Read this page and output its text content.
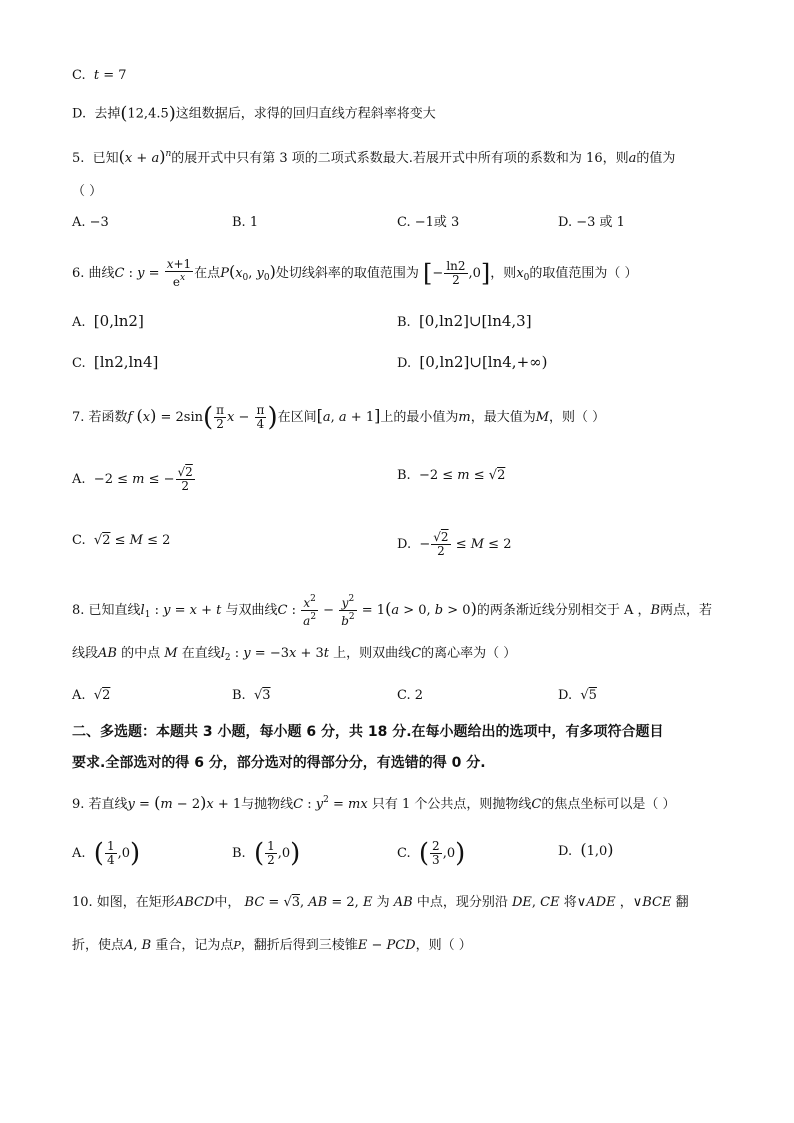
C.  t = 7
D.  去掉(12,4.5)这组数据后，求得的回归直线方程斜率将变大
5.  已知$(x + a)^n$的展开式中只有第 3 项的二项式系数最大.若展开式中所有项的系数和为 16，则a的值为
（ ）
A. −3	B. 1	C. −1或 3	D. −3 或 1
6. 曲线C : $y = \frac{x+1}{e^x}$ 在点$P(x_0$, $y_0$)处切线斜率的取值范围为 [− $\frac{\ln 2}{2} ,0$]，则$x_0$的取值范围为（ ）
A. [0,ln2]	B. [0,ln2]∪[ln4,3]
C. [ln2,ln4]	D. [0,ln2]∪[ln4,+∞)
7. 若函数f $(x) = 2\sin( \frac{\pi}{2}$ $x - \frac{\pi}{4}$ )在区间[a, a + 1]上的最小值为m，最大值为M，则（ ）
A.  −2 ≤ m ≤ − $\frac{√2}{2}$	B.  −2 ≤ m ≤ √2
C.  √2 ≤ M ≤ 2	D.  − $\frac{√2}{2} \le M \le 2$
8. 已知直线$l_1$ : y = x + t 与双曲线C : $\frac{x^2}{a^2} - \frac{y^2}{b^2} = 1(a > 0$, b > 0)的两条渐近线分别相交于 A ，B两点，若
线段AB 的中点 M 在直线$l_2$ : y = −3x + 3t 上，则双曲线C的离心率为（ ）
A.  √2	B.  √3	C. 2	D.  √5
二、多选题：本题共 3 小题，每小题 6 分，共 18 分.在每小题给出的选项中，有多项符合题目
要求.全部选对的得 6 分，部分选对的得部分分，有选错的得 0 分.
9. 若直线y = (m − 2)x + 1与抛物线C : $y^2$ = mx 只有 1 个公共点，则抛物线C的焦点坐标可以是（ ）
A. ( $\frac{1}{4} ,0$)	B. ( $\frac{1}{2} ,0$)	C. ( $\frac{2}{3} ,0$)	D. (1,0)
10. 如图，在矩形ABCD中， BC = √3, AB = 2, E 为 AB 中点，现分别沿 DE, CE 将∨ADE ，∨BCE 翻
折，使点A, B 重合，记为点P，翻折后得到三棱锥E − PCD，则（ ）
